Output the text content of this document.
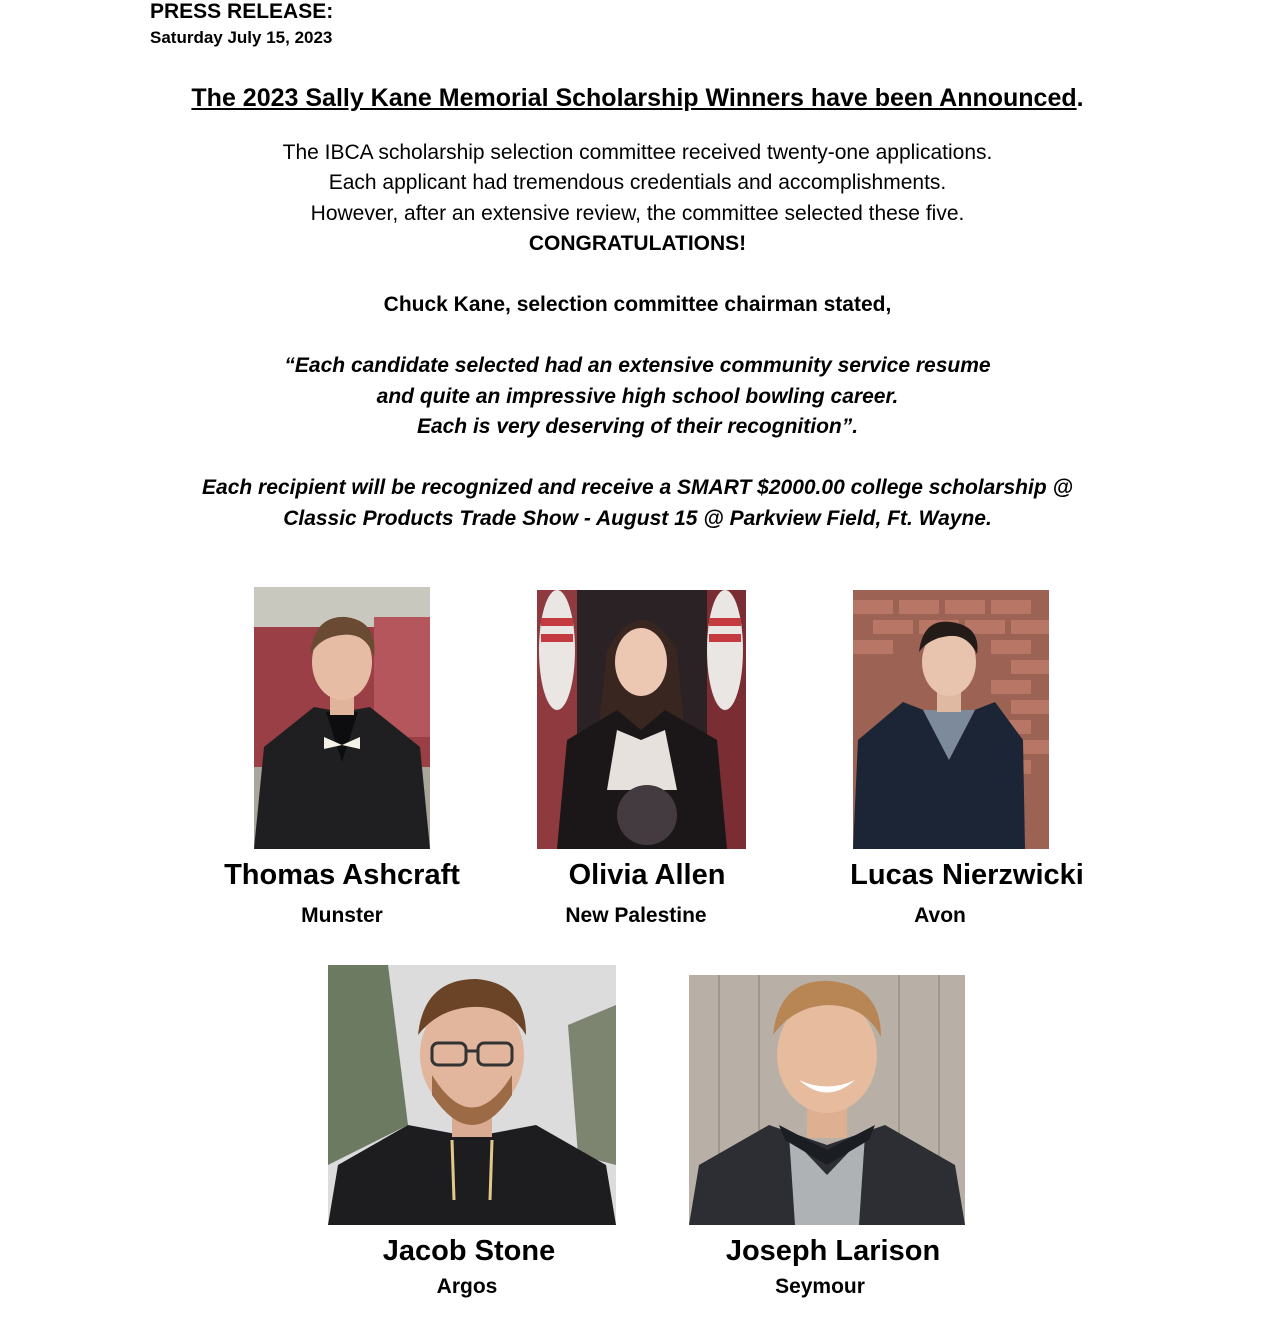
PRESS RELEASE:
Saturday July 15, 2023
The 2023 Sally Kane Memorial Scholarship Winners have been Announced.
The IBCA scholarship selection committee received twenty-one applications.
Each applicant had tremendous credentials and accomplishments.
However, after an extensive review, the committee selected these five.
CONGRATULATIONS!
Chuck Kane, selection committee chairman stated,
“Each candidate selected had an extensive community service resume
and quite an impressive high school bowling career.
Each is very deserving of their recognition”.
Each recipient will be recognized and receive a SMART $2000.00 college scholarship @
Classic Products Trade Show - August 15 @ Parkview Field, Ft. Wayne.
Thomas Ashcraft
Munster
Olivia Allen
New Palestine
Lucas Nierzwicki
Avon
Jacob Stone
Argos
Joseph Larison
Seymour
